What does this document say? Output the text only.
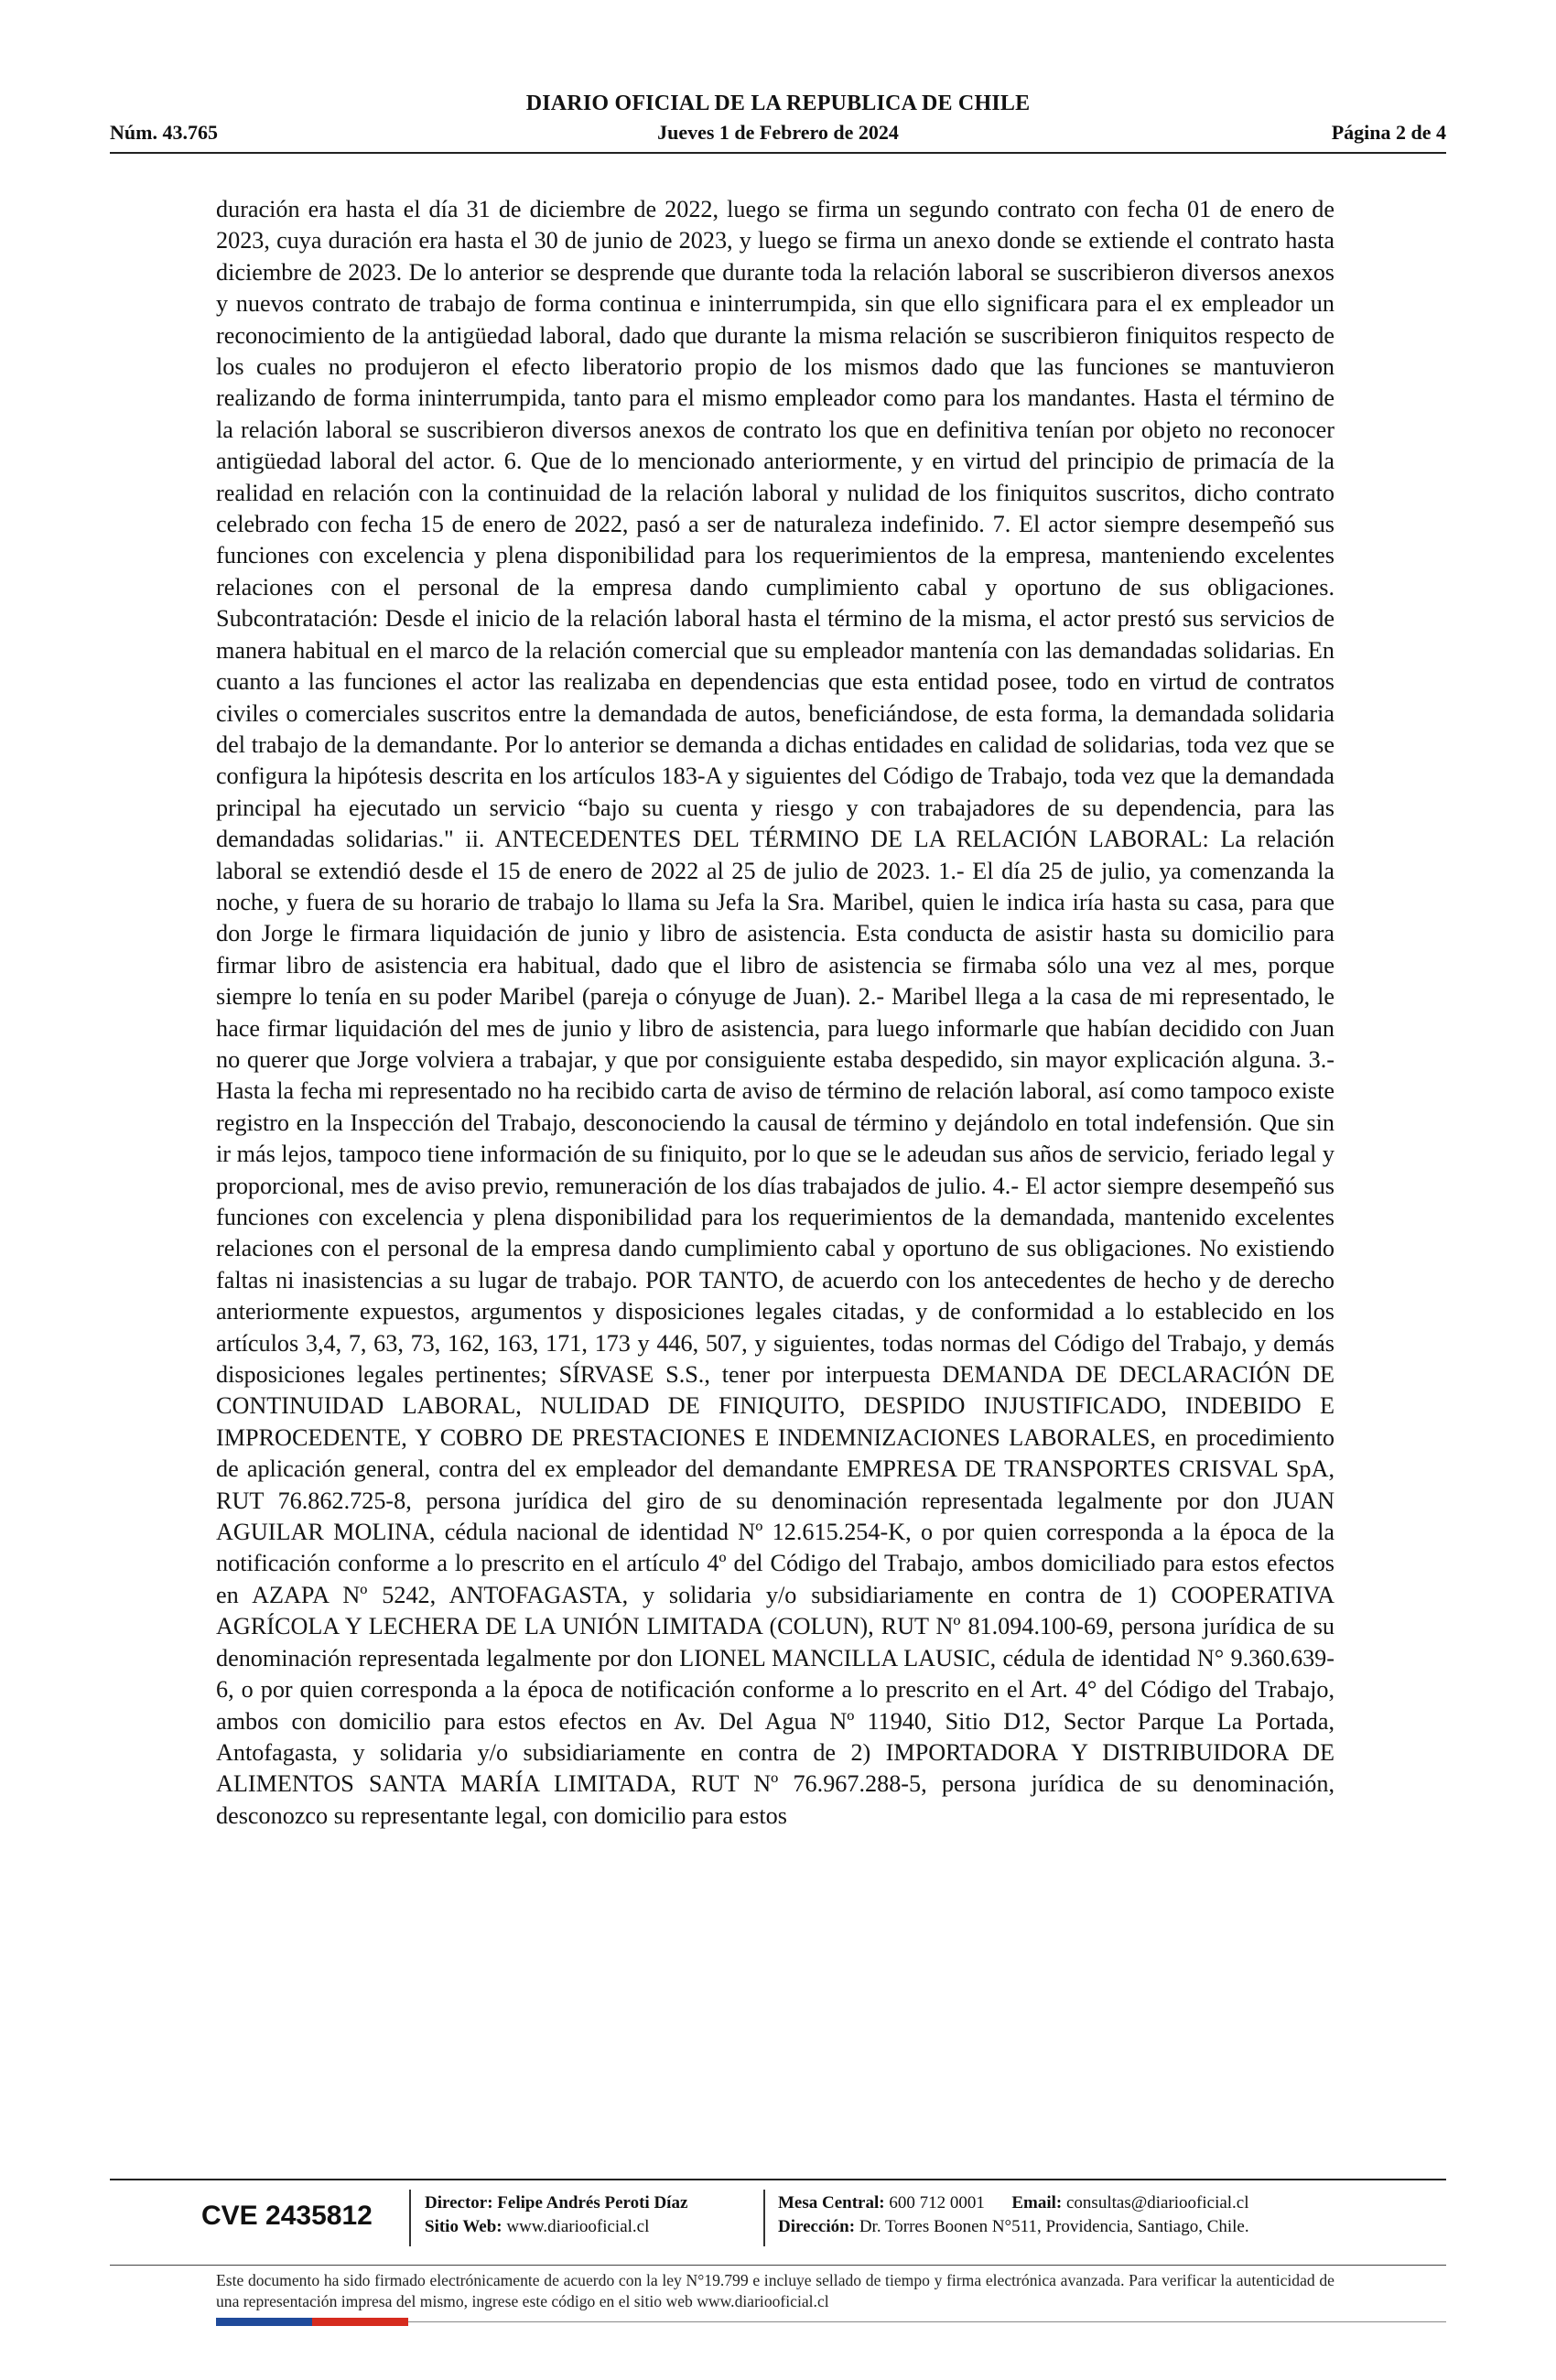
DIARIO OFICIAL DE LA REPUBLICA DE CHILE
Núm. 43.765	Jueves 1 de Febrero de 2024	Página 2 de 4

duración era hasta el día 31 de diciembre de 2022, luego se firma un segundo contrato con fecha 01 de enero de 2023, cuya duración era hasta el 30 de junio de 2023, y luego se firma un anexo donde se extiende el contrato hasta diciembre de 2023. De lo anterior se desprende que durante toda la relación laboral se suscribieron diversos anexos y nuevos contrato de trabajo de forma continua e ininterrumpida, sin que ello significara para el ex empleador un reconocimiento de la antigüedad laboral, dado que durante la misma relación se suscribieron finiquitos respecto de los cuales no produjeron el efecto liberatorio propio de los mismos dado que las funciones se mantuvieron realizando de forma ininterrumpida, tanto para el mismo empleador como para los mandantes. Hasta el término de la relación laboral se suscribieron diversos anexos de contrato los que en definitiva tenían por objeto no reconocer antigüedad laboral del actor. 6. Que de lo mencionado anteriormente, y en virtud del principio de primacía de la realidad en relación con la continuidad de la relación laboral y nulidad de los finiquitos suscritos, dicho contrato celebrado con fecha 15 de enero de 2022, pasó a ser de naturaleza indefinido. 7. El actor siempre desempeñó sus funciones con excelencia y plena disponibilidad para los requerimientos de la empresa, manteniendo excelentes relaciones con el personal de la empresa dando cumplimiento cabal y oportuno de sus obligaciones. Subcontratación: Desde el inicio de la relación laboral hasta el término de la misma, el actor prestó sus servicios de manera habitual en el marco de la relación comercial que su empleador mantenía con las demandadas solidarias. En cuanto a las funciones el actor las realizaba en dependencias que esta entidad posee, todo en virtud de contratos civiles o comerciales suscritos entre la demandada de autos, beneficiándose, de esta forma, la demandada solidaria del trabajo de la demandante. Por lo anterior se demanda a dichas entidades en calidad de solidarias, toda vez que se configura la hipótesis descrita en los artículos 183-A y siguientes del Código de Trabajo, toda vez que la demandada principal ha ejecutado un servicio “bajo su cuenta y riesgo y con trabajadores de su dependencia, para las demandadas solidarias." ii. ANTECEDENTES DEL TÉRMINO DE LA RELACIÓN LABORAL: La relación laboral se extendió desde el 15 de enero de 2022 al 25 de julio de 2023. 1.- El día 25 de julio, ya comenzanda la noche, y fuera de su horario de trabajo lo llama su Jefa la Sra. Maribel, quien le indica iría hasta su casa, para que don Jorge le firmara liquidación de junio y libro de asistencia. Esta conducta de asistir hasta su domicilio para firmar libro de asistencia era habitual, dado que el libro de asistencia se firmaba sólo una vez al mes, porque siempre lo tenía en su poder Maribel (pareja o cónyuge de Juan). 2.- Maribel llega a la casa de mi representado, le hace firmar liquidación del mes de junio y libro de asistencia, para luego informarle que habían decidido con Juan no querer que Jorge volviera a trabajar, y que por consiguiente estaba despedido, sin mayor explicación alguna. 3.- Hasta la fecha mi representado no ha recibido carta de aviso de término de relación laboral, así como tampoco existe registro en la Inspección del Trabajo, desconociendo la causal de término y dejándolo en total indefensión. Que sin ir más lejos, tampoco tiene información de su finiquito, por lo que se le adeudan sus años de servicio, feriado legal y proporcional, mes de aviso previo, remuneración de los días trabajados de julio. 4.- El actor siempre desempeñó sus funciones con excelencia y plena disponibilidad para los requerimientos de la demandada, mantenido excelentes relaciones con el personal de la empresa dando cumplimiento cabal y oportuno de sus obligaciones. No existiendo faltas ni inasistencias a su lugar de trabajo. POR TANTO, de acuerdo con los antecedentes de hecho y de derecho anteriormente expuestos, argumentos y disposiciones legales citadas, y de conformidad a lo establecido en los artículos 3,4, 7, 63, 73, 162, 163, 171, 173 y 446, 507, y siguientes, todas normas del Código del Trabajo, y demás disposiciones legales pertinentes; SÍRVASE S.S., tener por interpuesta DEMANDA DE DECLARACIÓN DE CONTINUIDAD LABORAL, NULIDAD DE FINIQUITO, DESPIDO INJUSTIFICADO, INDEBIDO E IMPROCEDENTE, Y COBRO DE PRESTACIONES E INDEMNIZACIONES LABORALES, en procedimiento de aplicación general, contra del ex empleador del demandante EMPRESA DE TRANSPORTES CRISVAL SpA, RUT 76.862.725-8, persona jurídica del giro de su denominación representada legalmente por don JUAN AGUILAR MOLINA, cédula nacional de identidad Nº 12.615.254-K, o por quien corresponda a la época de la notificación conforme a lo prescrito en el artículo 4º del Código del Trabajo, ambos domiciliado para estos efectos en AZAPA Nº 5242, ANTOFAGASTA, y solidaria y/o subsidiariamente en contra de 1) COOPERATIVA AGRÍCOLA Y LECHERA DE LA UNIÓN LIMITADA (COLUN), RUT Nº 81.094.100-69, persona jurídica de su denominación representada legalmente por don LIONEL MANCILLA LAUSIC, cédula de identidad N° 9.360.639-6, o por quien corresponda a la época de notificación conforme a lo prescrito en el Art. 4° del Código del Trabajo, ambos con domicilio para estos efectos en Av. Del Agua Nº 11940, Sitio D12, Sector Parque La Portada, Antofagasta, y solidaria y/o subsidiariamente en contra de 2) IMPORTADORA Y DISTRIBUIDORA DE ALIMENTOS SANTA MARÍA LIMITADA, RUT Nº 76.967.288-5, persona jurídica de su denominación, desconozco su representante legal, con domicilio para estos

CVE 2435812	Director: Felipe Andrés Peroti Díaz
Sitio Web: www.diariooficial.cl
Mesa Central: 600 712 0001 Email: consultas@diariooficial.cl
Dirección: Dr. Torres Boonen N°511, Providencia, Santiago, Chile.
Este documento ha sido firmado electrónicamente de acuerdo con la ley N°19.799 e incluye sellado de tiempo y firma electrónica avanzada. Para verificar la autenticidad de una representación impresa del mismo, ingrese este código en el sitio web www.diariooficial.cl
